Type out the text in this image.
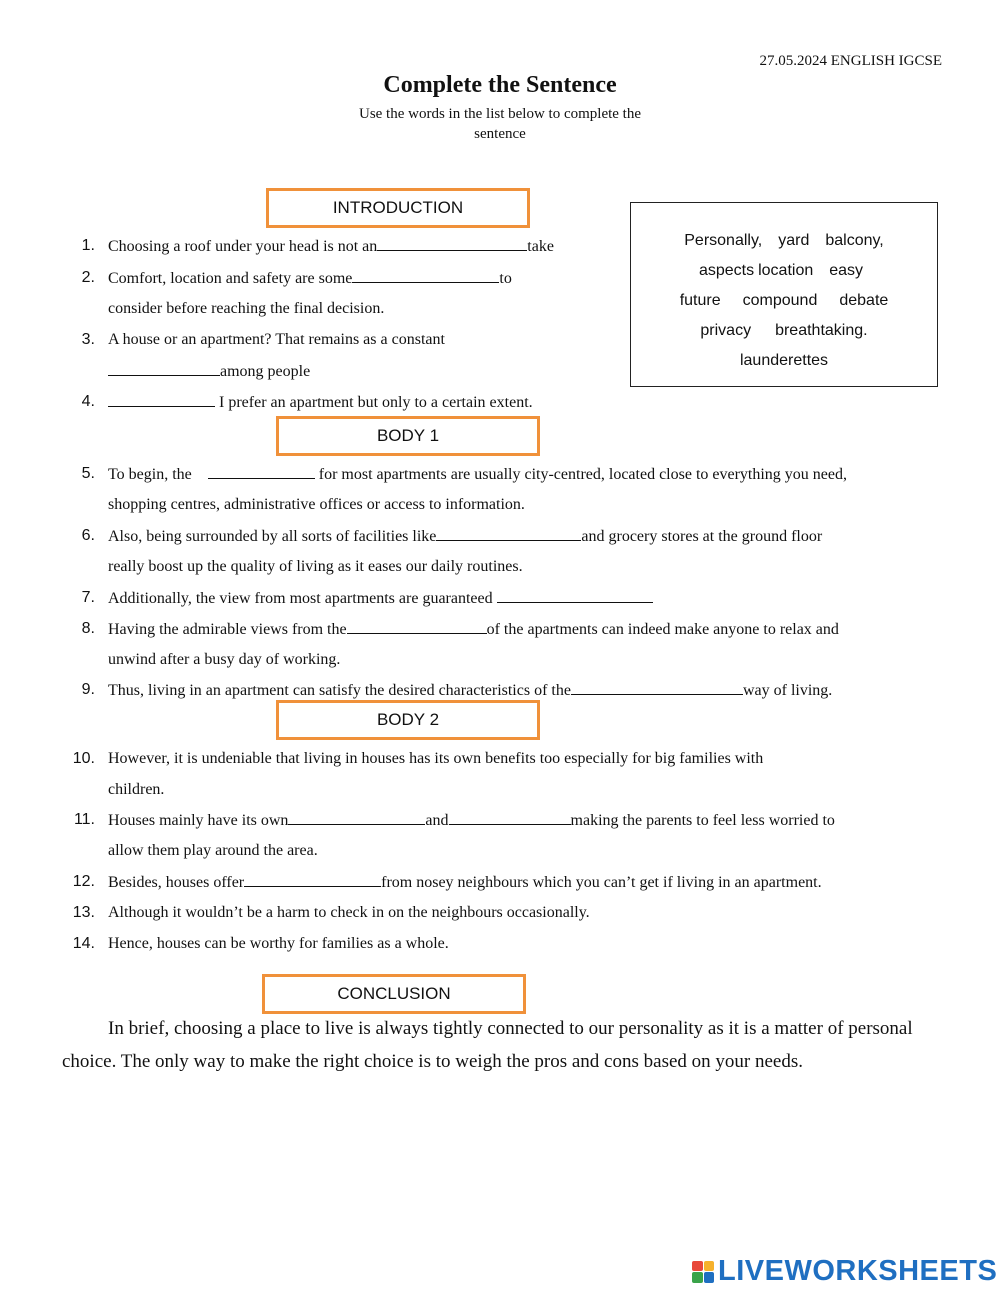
27.05.2024 ENGLISH IGCSE
Complete the Sentence
Use the words in the list below to complete the
sentence
INTRODUCTION
BODY 1
BODY 2
CONCLUSION
Personally, yard balcony,
aspects location easy
future compound debate
privacy breathtaking.
launderettes
1. Choosing a roof under your head is not an	take
2. Comfort, location and safety are some	to
consider before reaching the final decision.
3. A house or an apartment? That remains as a constant
among people
4.	I prefer an apartment but only to a certain extent.
5. To begin, the	for most apartments are usually city-centred, located close to everything you need,
shopping centres, administrative offices or access to information.
6. Also, being surrounded by all sorts of facilities like	and grocery stores at the ground floor
really boost up the quality of living as it eases our daily routines.
7. Additionally, the view from most apartments are guaranteed
8. Having the admirable views from the	of the apartments can indeed make anyone to relax and
unwind after a busy day of working.
9. Thus, living in an apartment can satisfy the desired characteristics of the	way of living.
10. However, it is undeniable that living in houses has its own benefits too especially for big families with
children.
11. Houses mainly have its own	and	making the parents to feel less worried to
allow them play around the area.
12. Besides, houses offer	from nosey neighbours which you can’t get if living in an apartment.
13. Although it wouldn’t be a harm to check in on the neighbours occasionally.
14. Hence, houses can be worthy for families as a whole.
In brief, choosing a place to live is always tightly connected to our personality as it is a matter of personal choice. The only way to make the right choice is to weigh the pros and cons based on your needs.
LIVEWORKSHEETS
